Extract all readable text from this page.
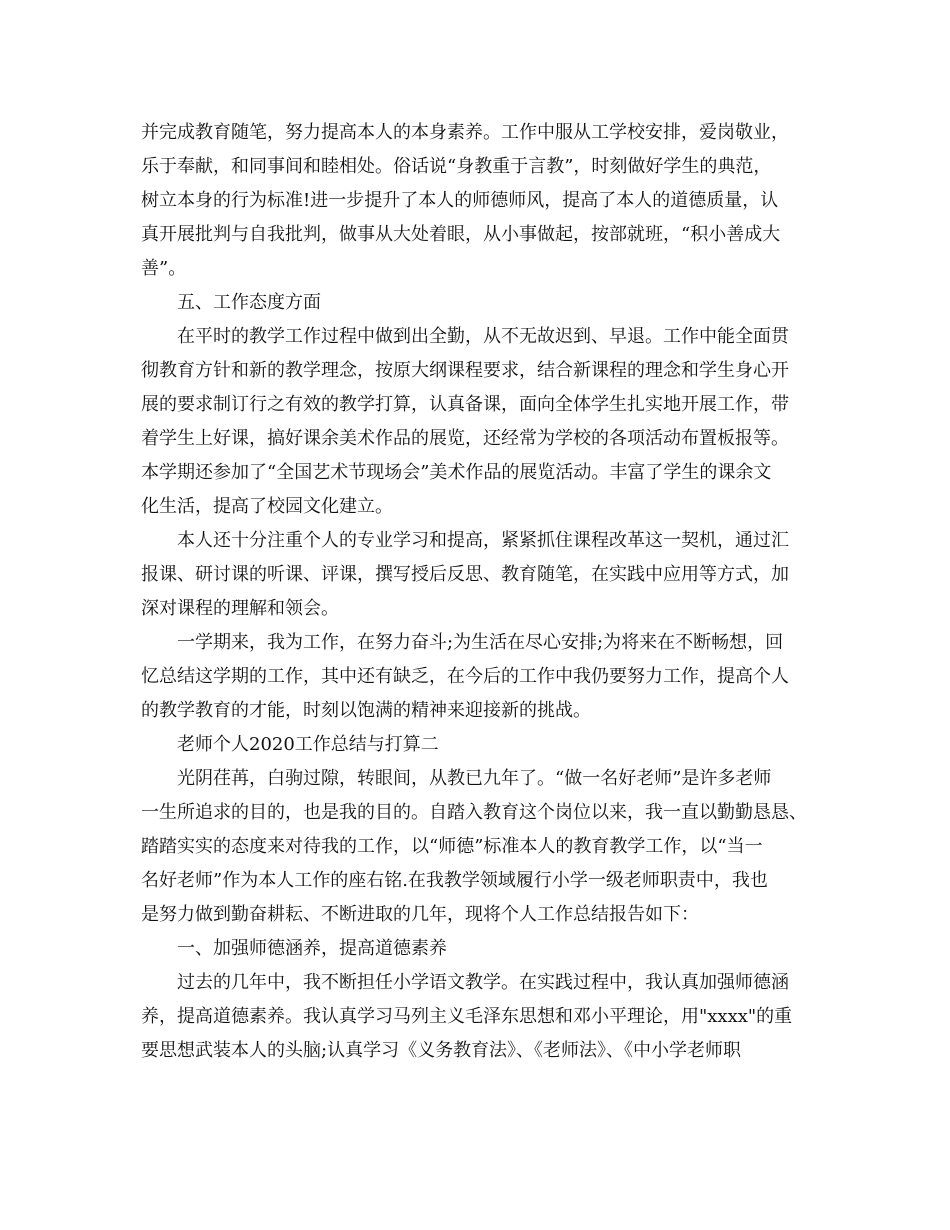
并完成教育随笔，努力提高本人的本身素养。工作中服从工学校安排，爱岗敬业，
乐于奉献，和同事间和睦相处。俗话说“身教重于言教”，时刻做好学生的典范，
树立本身的行为标准!进一步提升了本人的师德师风，提高了本人的道德质量，认
真开展批判与自我批判，做事从大处着眼，从小事做起，按部就班，“积小善成大
善”。
五、工作态度方面
在平时的教学工作过程中做到出全勤，从不无故迟到、早退。工作中能全面贯
彻教育方针和新的教学理念，按原大纲课程要求，结合新课程的理念和学生身心开
展的要求制订行之有效的教学打算，认真备课，面向全体学生扎实地开展工作，带
着学生上好课，搞好课余美术作品的展览，还经常为学校的各项活动布置板报等。
本学期还参加了“全国艺术节现场会”美术作品的展览活动。丰富了学生的课余文
化生活，提高了校园文化建立。
本人还十分注重个人的专业学习和提高，紧紧抓住课程改革这一契机，通过汇
报课、研讨课的听课、评课，撰写授后反思、教育随笔，在实践中应用等方式，加
深对课程的理解和领会。
一学期来，我为工作，在努力奋斗;为生活在尽心安排;为将来在不断畅想，回
忆总结这学期的工作，其中还有缺乏，在今后的工作中我仍要努力工作，提高个人
的教学教育的才能，时刻以饱满的精神来迎接新的挑战。
老师个人2020工作总结与打算二
光阴荏苒，白驹过隙，转眼间，从教已九年了。“做一名好老师”是许多老师
一生所追求的目的，也是我的目的。自踏入教育这个岗位以来，我一直以勤勤恳恳、
踏踏实实的态度来对待我的工作，以“师德”标准本人的教育教学工作，以“当一
名好老师”作为本人工作的座右铭.在我教学领域履行小学一级老师职责中，我也
是努力做到勤奋耕耘、不断进取的几年，现将个人工作总结报告如下：
一、加强师德涵养，提高道德素养
过去的几年中，我不断担任小学语文教学。在实践过程中，我认真加强师德涵
养，提高道德素养。我认真学习马列主义毛泽东思想和邓小平理论，用"xxxx"的重
要思想武装本人的头脑;认真学习《义务教育法》、《老师法》、《中小学老师职
